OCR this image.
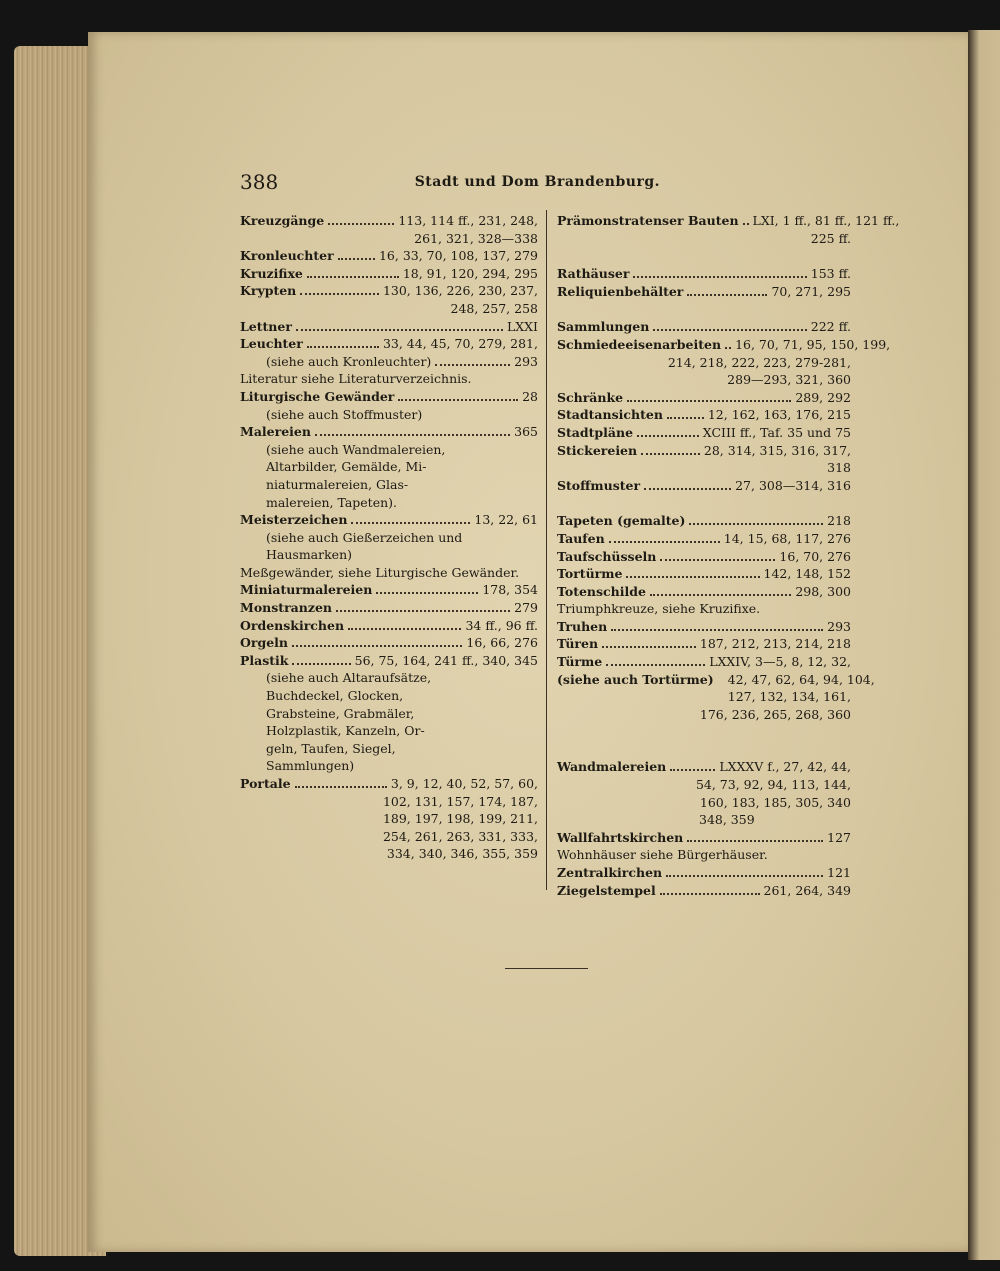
388	Stadt und Dom Brandenburg.
Kreuzgänge	113, 114 ff., 231, 248,
261, 321, 328—338
Kronleuchter	16, 33, 70, 108, 137, 279
Kruzifixe	18, 91, 120, 294, 295
Krypten	130, 136, 226, 230, 237,
248, 257, 258
Lettner	LXXI
Leuchter	33, 44, 45, 70, 279, 281,
(siehe auch Kronleuchter)	293
Literatur siehe Literaturverzeichnis.
Liturgische Gewänder	28
(siehe auch Stoffmuster)
Malereien	365
(siehe auch Wandmalereien,
Altarbilder, Gemälde, Mi-
niaturmalereien, Glas-
malereien, Tapeten).
Meisterzeichen	13, 22, 61
(siehe auch Gießerzeichen und
Hausmarken)
Meßgewänder, siehe Liturgische Gewänder.
Miniaturmalereien	178, 354
Monstranzen	279
Ordenskirchen	34 ff., 96 ff.
Orgeln	16, 66, 276
Plastik	56, 75, 164, 241 ff., 340, 345
(siehe auch Altaraufsätze,
Buchdeckel, Glocken,
Grabsteine, Grabmäler,
Holzplastik, Kanzeln, Or-
geln, Taufen, Siegel,
Sammlungen)
Portale	3, 9, 12, 40, 52, 57, 60,
102, 131, 157, 174, 187,
189, 197, 198, 199, 211,
254, 261, 263, 331, 333,
334, 340, 346, 355, 359
Prämonstratenser Bauten LXI, 1 ff., 81 ff., 121 ff.,
225 ff.
Rathäuser	153 ff.
Reliquienbehälter	70, 271, 295
Sammlungen	222 ff.
Schmiedeeisenarbeiten 16, 70, 71, 95, 150, 199,
214, 218, 222, 223, 279-281,
289—293, 321, 360
Schränke	289, 292
Stadtansichten	12, 162, 163, 176, 215
Stadtpläne	XCIII ff., Taf. 35 und 75
Stickereien	28, 314, 315, 316, 317,
318
Stoffmuster	27, 308—314, 316
Tapeten (gemalte)	218
Taufen	14, 15, 68, 117, 276
Taufschüsseln	16, 70, 276
Tortürme	142, 148, 152
Totenschilde	298, 300
Triumphkreuze, siehe Kruzifixe.
Truhen	293
Türen	187, 212, 213, 214, 218
Türme	LXXIV, 3—5, 8, 12, 32,
(siehe auch Tortürme) 42, 47, 62, 64, 94, 104,
127, 132, 134, 161,
176, 236, 265, 268, 360
Wandmalereien	LXXXV f., 27, 42, 44,
54, 73, 92, 94, 113, 144,
160, 183, 185, 305, 340
348, 359
Wallfahrtskirchen	127
Wohnhäuser siehe Bürgerhäuser.
Zentralkirchen	121
Ziegelstempel	261, 264, 349
